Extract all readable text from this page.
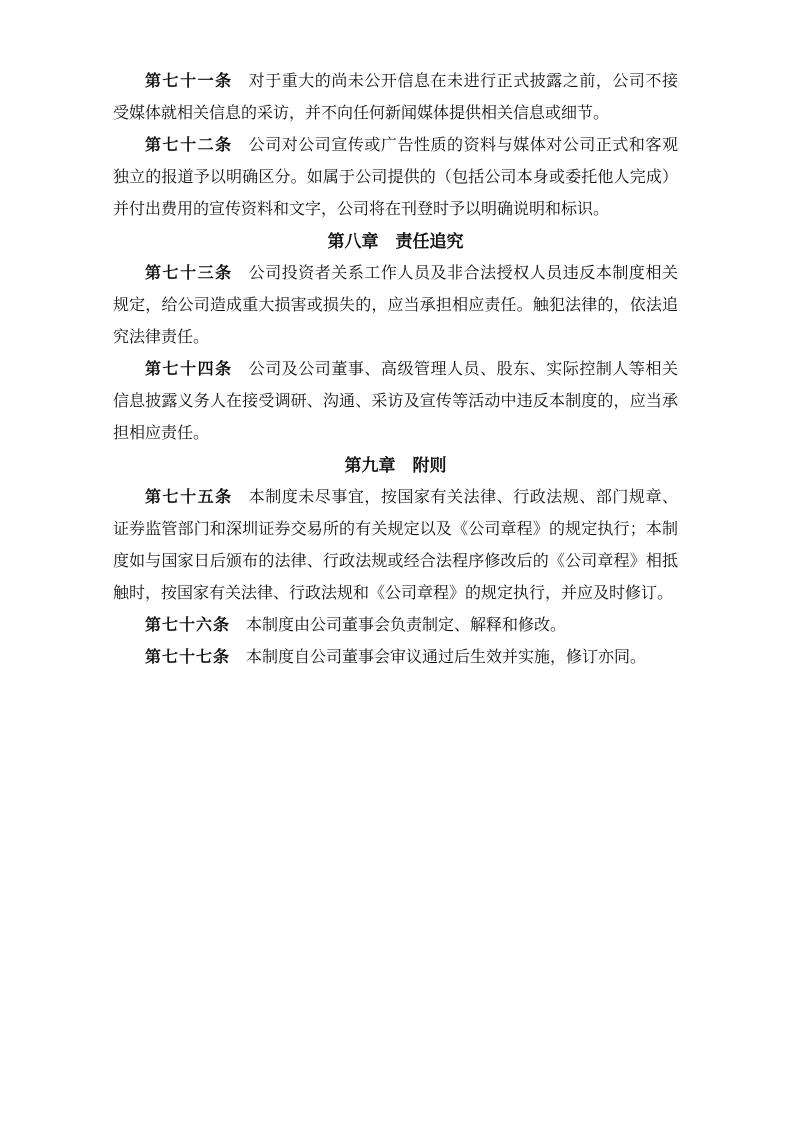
第七十一条 对于重大的尚未公开信息在未进行正式披露之前，公司不接受媒体就相关信息的采访，并不向任何新闻媒体提供相关信息或细节。

第七十二条 公司对公司宣传或广告性质的资料与媒体对公司正式和客观独立的报道予以明确区分。如属于公司提供的（包括公司本身或委托他人完成）并付出费用的宣传资料和文字，公司将在刊登时予以明确说明和标识。

第八章　责任追究

第七十三条 公司投资者关系工作人员及非合法授权人员违反本制度相关规定，给公司造成重大损害或损失的，应当承担相应责任。触犯法律的，依法追究法律责任。

第七十四条 公司及公司董事、高级管理人员、股东、实际控制人等相关信息披露义务人在接受调研、沟通、采访及宣传等活动中违反本制度的，应当承担相应责任。

第九章　附则

第七十五条 本制度未尽事宜，按国家有关法律、行政法规、部门规章、证券监管部门和深圳证券交易所的有关规定以及《公司章程》的规定执行；本制度如与国家日后颁布的法律、行政法规或经合法程序修改后的《公司章程》相抵触时，按国家有关法律、行政法规和《公司章程》的规定执行，并应及时修订。

第七十六条 本制度由公司董事会负责制定、解释和修改。

第七十七条 本制度自公司董事会审议通过后生效并实施，修订亦同。
